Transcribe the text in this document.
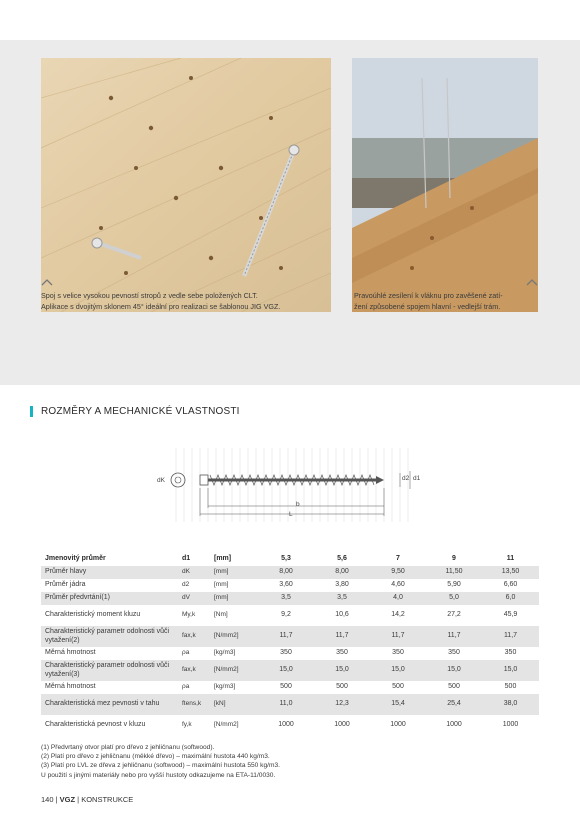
Spoj s velice vysokou pevností stropů z vedle sebe položených CLT.
Aplikace s dvojitým sklonem 45° ideální pro realizaci se šablonou JIG VGZ.
Pravoúhlé zesílení k vláknu pro zavěšené zatí-
žení způsobené spojem hlavní - vedlejší trám.
ROZMĚRY A MECHANICKÉ VLASTNOSTI
dK	d2 d1
b
L
Jmenovitý průměr	d1	[mm]	5,3	5,6	7	9	11
Průměr hlavy	dK	[mm]	8,00	8,00	9,50	11,50	13,50
Průměr jádra	d2	[mm]	3,60	3,80	4,60	5,90	6,60
Průměr předvrtání(1)	dV	[mm]	3,5	3,5	4,0	5,0	6,0
Charakteristický moment kluzu	My,k	[Nm]	9,2	10,6	14,2	27,2	45,9
Charakteristický parametr odolnosti vůči vytažení(2)	fax,k	[N/mm2]	11,7	11,7	11,7	11,7	11,7
Měrná hmotnost	ρa	[kg/m3]	350	350	350	350	350
Charakteristický parametr odolnosti vůči vytažení(3)	fax,k	[N/mm2]	15,0	15,0	15,0	15,0	15,0
Měrná hmotnost	ρa	[kg/m3]	500	500	500	500	500
Charakteristická mez pevnosti v tahu	ftens,k	[kN]	11,0	12,3	15,4	25,4	38,0
Charakteristická pevnost v kluzu	fy,k	[N/mm2]	1000	1000	1000	1000	1000
(1) Předvrtaný otvor platí pro dřevo z jehličnanu (softwood).
(2) Platí pro dřevo z jehličnanu (měkké dřevo) – maximální hustota 440 kg/m3.
(3) Platí pro LVL ze dřeva z jehličnanu (softwood) – maximální hustota 550 kg/m3.
U použití s jinými materiály nebo pro vyšší hustoty odkazujeme na ETA-11/0030.
140 | VGZ | KONSTRUKCE
